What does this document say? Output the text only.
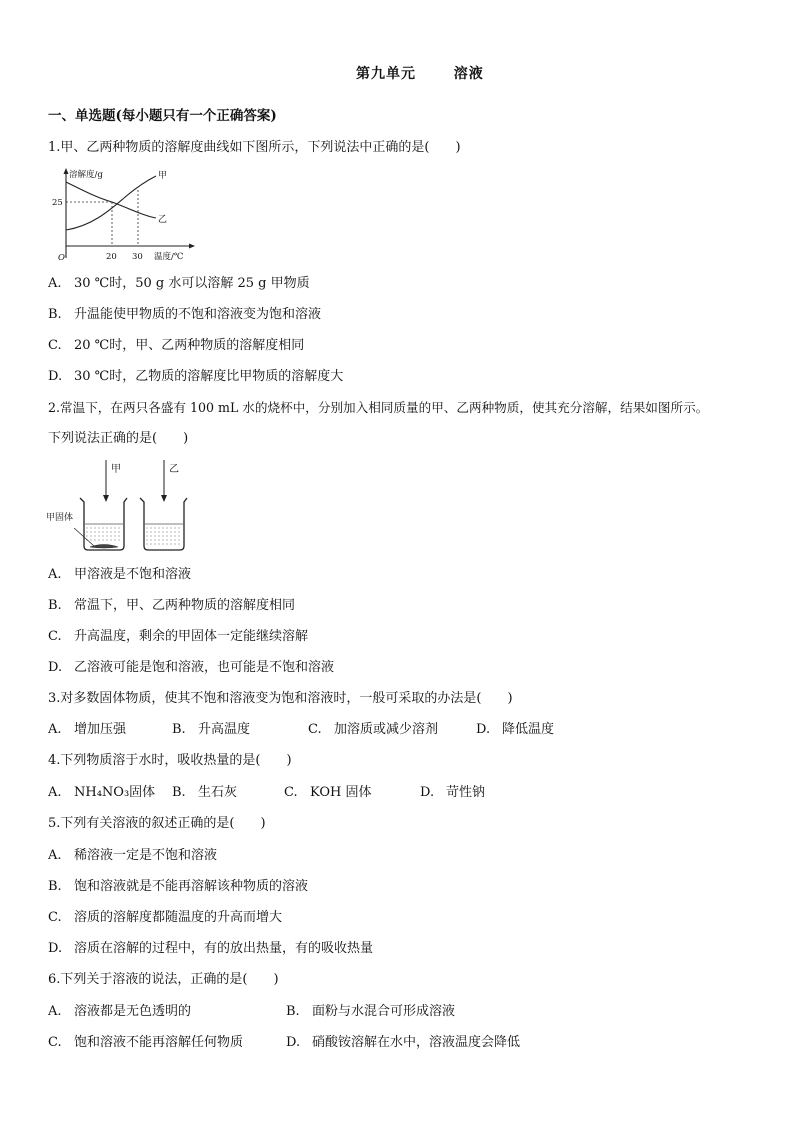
第九单元	溶液
一、单选题(每小题只有一个正确答案)
1.甲、乙两种物质的溶解度曲线如下图所示，下列说法中正确的是(　　)
溶解度/g
25
O	20 30 温度/℃
甲
乙
A. 30 ℃时，50 g 水可以溶解 25 g 甲物质
B. 升温能使甲物质的不饱和溶液变为饱和溶液
C. 20 ℃时，甲、乙两种物质的溶解度相同
D. 30 ℃时，乙物质的溶解度比甲物质的溶解度大
2.常温下，在两只各盛有 100 mL 水的烧杯中，分别加入相同质量的甲、乙两种物质，使其充分溶解，结果如图所示。
下列说法正确的是(　　)
甲	乙
甲固体
A. 甲溶液是不饱和溶液
B. 常温下，甲、乙两种物质的溶解度相同
C. 升高温度，剩余的甲固体一定能继续溶解
D. 乙溶液可能是饱和溶液，也可能是不饱和溶液
3.对多数固体物质，使其不饱和溶液变为饱和溶液时，一般可采取的办法是(　　)
A. 增加压强	B. 升高温度	C. 加溶质或减少溶剂	D. 降低温度
4.下列物质溶于水时，吸收热量的是(　　)
A. NH₄NO₃固体 B. 生石灰	C. KOH 固体	D. 苛性钠
5.下列有关溶液的叙述正确的是(　　)
A. 稀溶液一定是不饱和溶液
B. 饱和溶液就是不能再溶解该种物质的溶液
C. 溶质的溶解度都随温度的升高而增大
D. 溶质在溶解的过程中，有的放出热量，有的吸收热量
6.下列关于溶液的说法，正确的是(　　)
A. 溶液都是无色透明的	B. 面粉与水混合可形成溶液
C. 饱和溶液不能再溶解任何物质	D. 硝酸铵溶解在水中，溶液温度会降低
